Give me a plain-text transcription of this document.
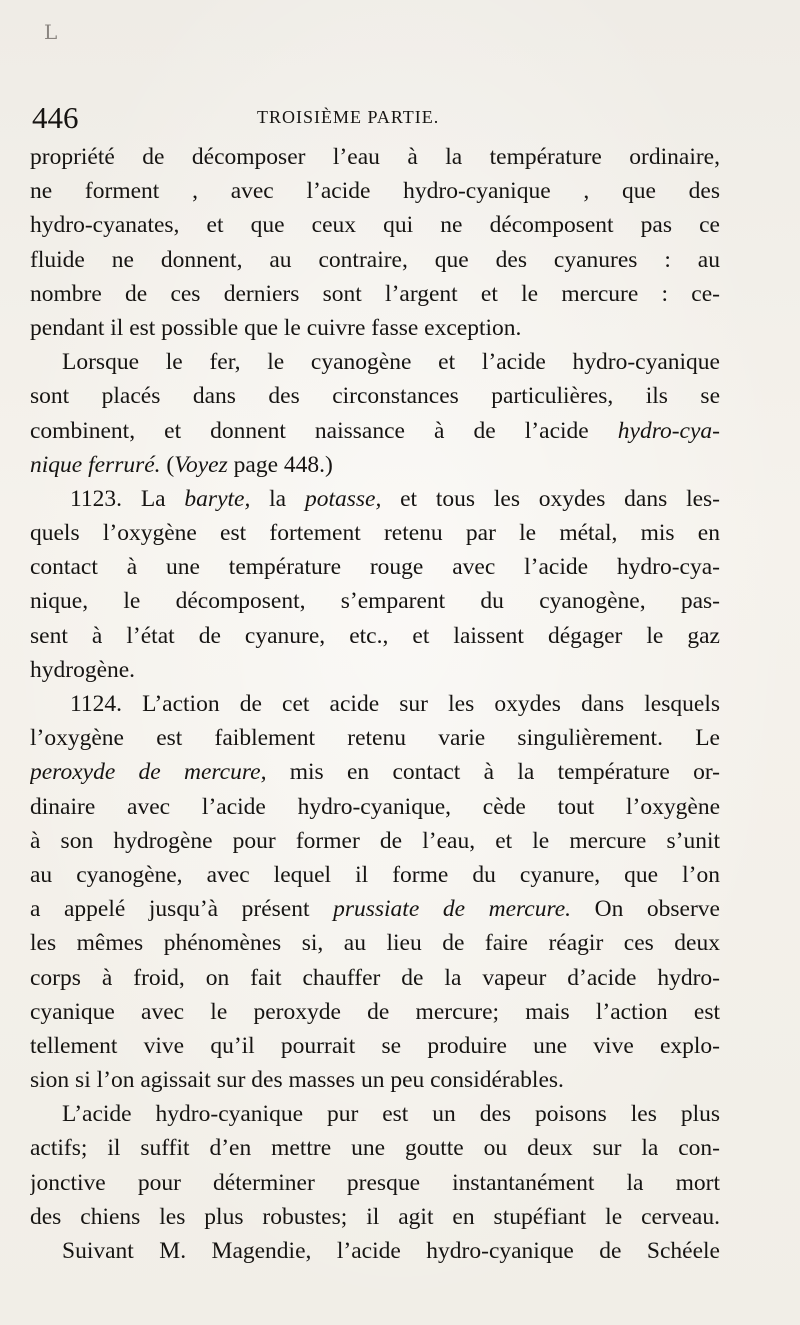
L
446	TROISIÈME PARTIE.
propriété de décomposer l’eau à la température ordinaire,
ne forment , avec l’acide hydro-cyanique , que des
hydro-cyanates, et que ceux qui ne décomposent pas ce
fluide ne donnent, au contraire, que des cyanures : au
nombre de ces derniers sont l’argent et le mercure : ce-
pendant il est possible que le cuivre fasse exception.
Lorsque le fer, le cyanogène et l’acide hydro-cyanique
sont placés dans des circonstances particulières, ils se
combinent, et donnent naissance à de l’acide hydro-cya-
nique ferruré. (Voyez page 448.)
1123. La baryte, la potasse, et tous les oxydes dans les-
quels l’oxygène est fortement retenu par le métal, mis en
contact à une température rouge avec l’acide hydro-cya-
nique, le décomposent, s’emparent du cyanogène, pas-
sent à l’état de cyanure, etc., et laissent dégager le gaz
hydrogène.
1124. L’action de cet acide sur les oxydes dans lesquels
l’oxygène est faiblement retenu varie singulièrement. Le
peroxyde de mercure, mis en contact à la température or-
dinaire avec l’acide hydro-cyanique, cède tout l’oxygène
à son hydrogène pour former de l’eau, et le mercure s’unit
au cyanogène, avec lequel il forme du cyanure, que l’on
a appelé jusqu’à présent prussiate de mercure. On observe
les mêmes phénomènes si, au lieu de faire réagir ces deux
corps à froid, on fait chauffer de la vapeur d’acide hydro-
cyanique avec le peroxyde de mercure; mais l’action est
tellement vive qu’il pourrait se produire une vive explo-
sion si l’on agissait sur des masses un peu considérables.
L’acide hydro-cyanique pur est un des poisons les plus
actifs; il suffit d’en mettre une goutte ou deux sur la con-
jonctive pour déterminer presque instantanément la mort
des chiens les plus robustes; il agit en stupéfiant le cerveau.
Suivant M. Magendie, l’acide hydro-cyanique de Schéele
